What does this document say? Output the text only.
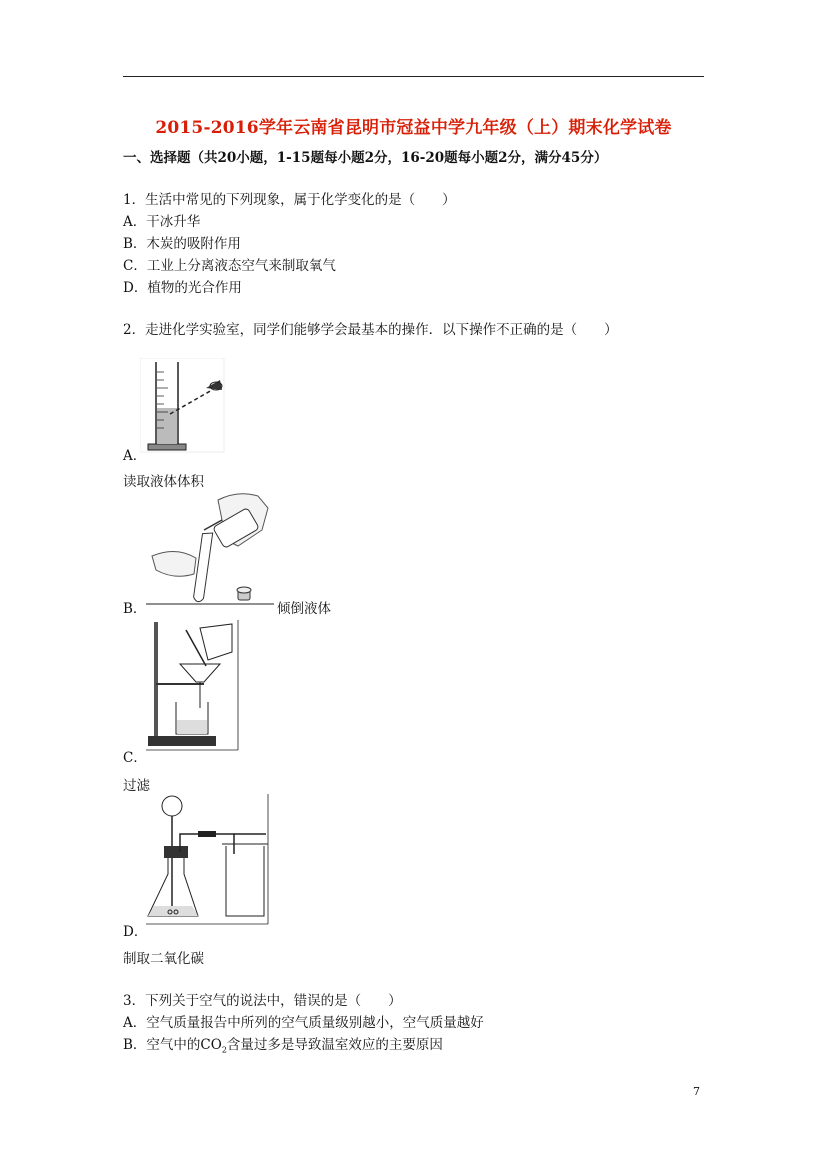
2015-2016学年云南省昆明市冠益中学九年级（上）期末化学试卷
一、选择题（共20小题，1-15题每小题2分，16-20题每小题2分，满分45分）
1．生活中常见的下列现象，属于化学变化的是（　　）
A．干冰升华
B．木炭的吸附作用
C．工业上分离液态空气来制取氧气
D．植物的光合作用
2．走进化学实验室，同学们能够学会最基本的操作．以下操作不正确的是（　　）
A．
读取液体体积
B．	倾倒液体
C．
过滤
D．
制取二氧化碳
3．下列关于空气的说法中，错误的是（　　）
A．空气质量报告中所列的空气质量级别越小，空气质量越好
B．空气中的$CO_2$含量过多是导致温室效应的主要原因
7
